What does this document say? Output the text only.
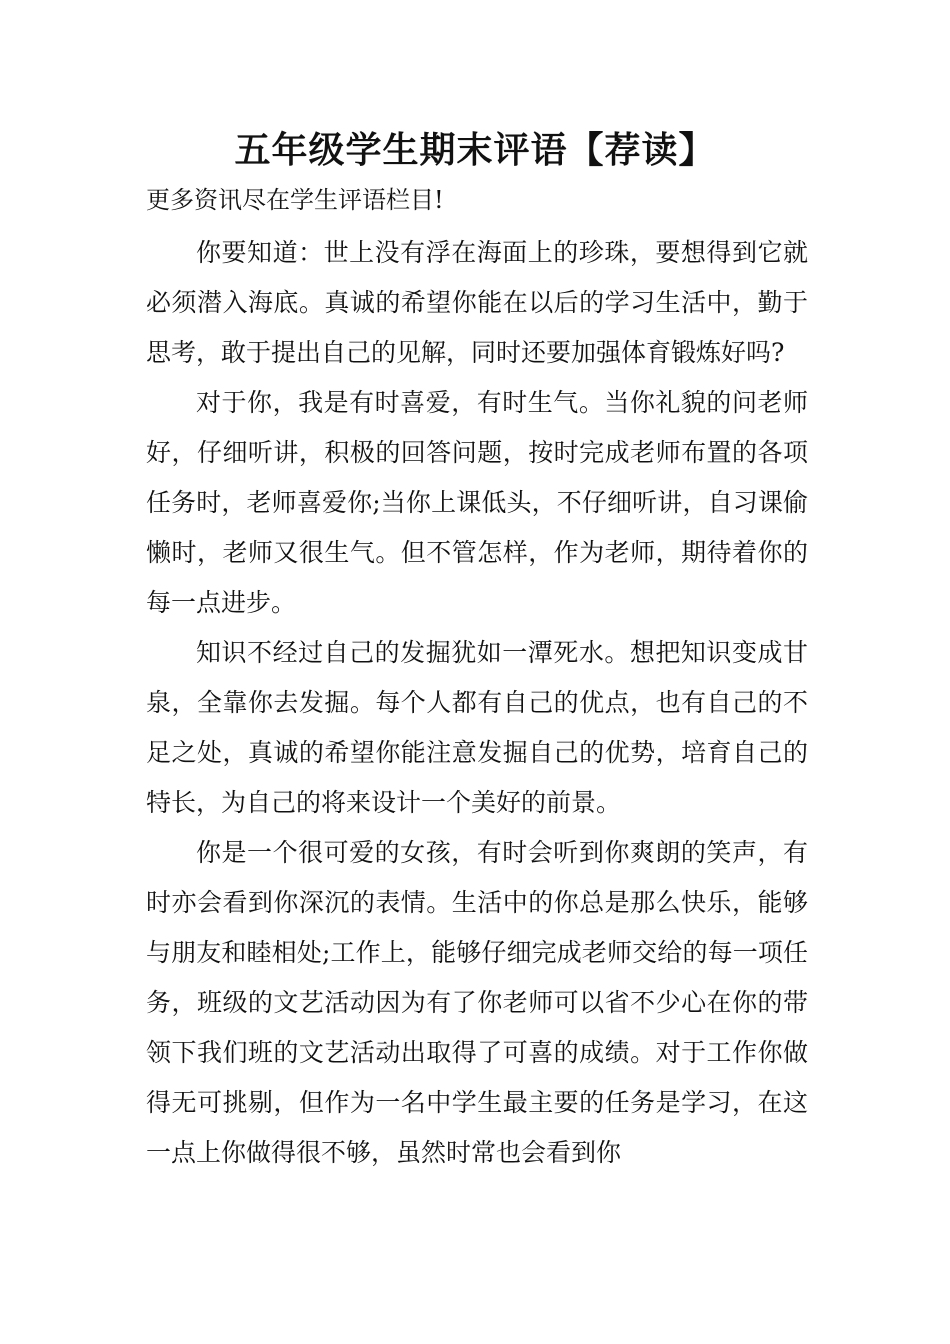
五年级学生期末评语【荐读】

更多资讯尽在学生评语栏目!

你要知道：世上没有浮在海面上的珍珠，要想得到它就必须潜入海底。真诚的希望你能在以后的学习生活中，勤于思考，敢于提出自己的见解，同时还要加强体育锻炼好吗?

对于你，我是有时喜爱，有时生气。当你礼貌的问老师好，仔细听讲，积极的回答问题，按时完成老师布置的各项任务时，老师喜爱你;当你上课低头，不仔细听讲，自习课偷懒时，老师又很生气。但不管怎样，作为老师，期待着你的每一点进步。

知识不经过自己的发掘犹如一潭死水。想把知识变成甘泉，全靠你去发掘。每个人都有自己的优点，也有自己的不足之处，真诚的希望你能注意发掘自己的优势，培育自己的特长，为自己的将来设计一个美好的前景。

你是一个很可爱的女孩，有时会听到你爽朗的笑声，有时亦会看到你深沉的表情。生活中的你总是那么快乐，能够与朋友和睦相处;工作上，能够仔细完成老师交给的每一项任务，班级的文艺活动因为有了你老师可以省不少心在你的带领下我们班的文艺活动出取得了可喜的成绩。对于工作你做得无可挑剔，但作为一名中学生最主要的任务是学习，在这一点上你做得很不够，虽然时常也会看到你
